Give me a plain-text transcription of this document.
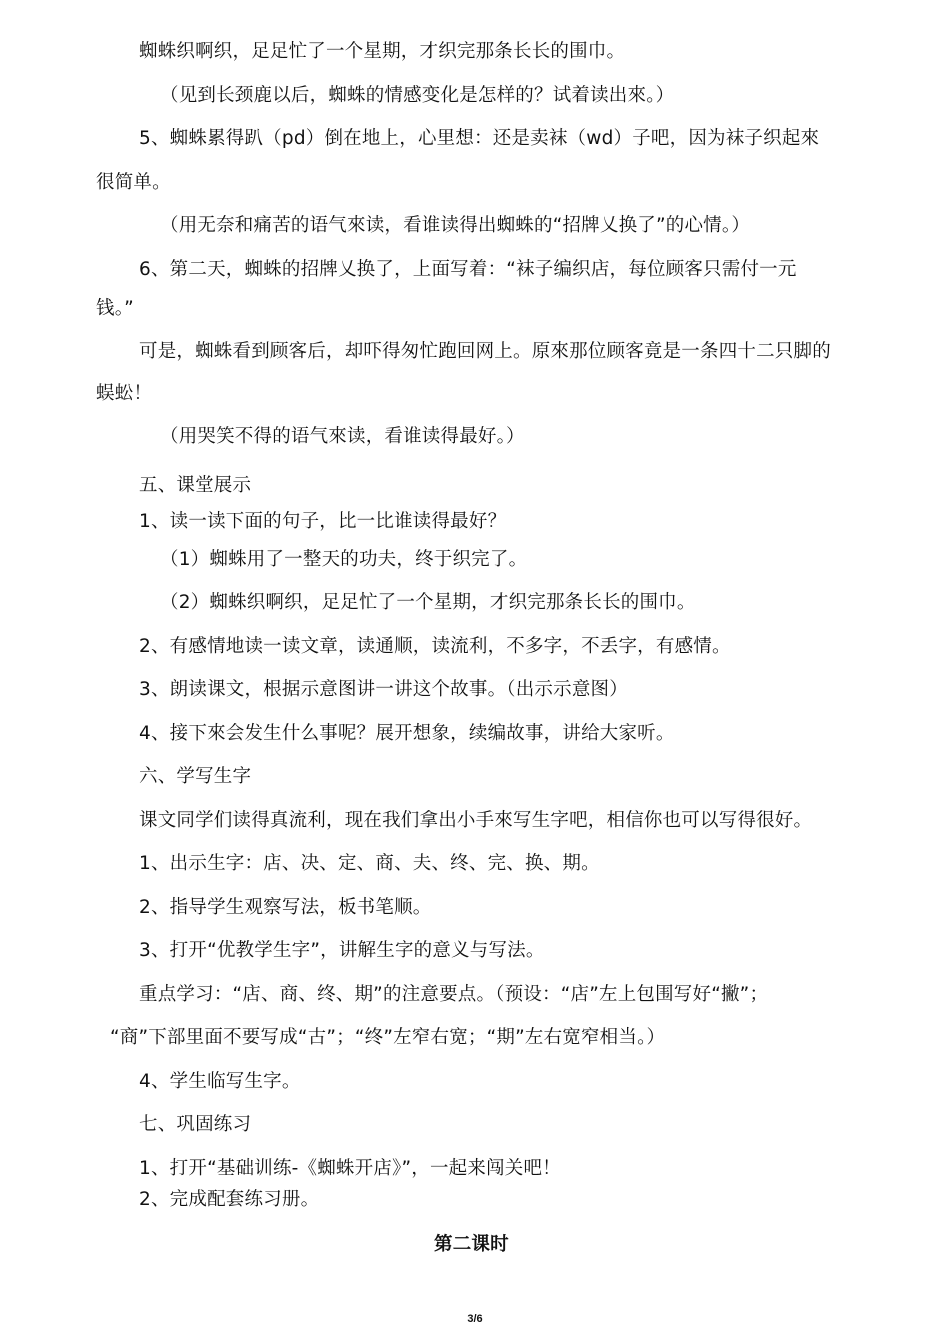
蜘蛛织啊织，足足忙了一个星期，才织完那条长长的围巾。
（见到长颈鹿以后，蜘蛛的情感变化是怎样的？试着读出來。）
5、蜘蛛累得趴（pd）倒在地上，心里想：还是卖袜（wd）子吧，因为袜子织起來
很简单。
（用无奈和痛苦的语气來读，看谁读得出蜘蛛的“招牌乂换了”的心情。）
6、第二天，蜘蛛的招牌乂换了，上面写着：“袜子编织店，每位顾客只需付一元
钱。”
可是，蜘蛛看到顾客后，却吓得匆忙跑回网上。原來那位顾客竟是一条四十二只脚的
蜈蚣！
（用哭笑不得的语气來读，看谁读得最好。）
五、课堂展示
1、读一读下面的句子，比一比谁读得最好？
（1）蜘蛛用了一整天的功夫，终于织完了。
（2）蜘蛛织啊织，足足忙了一个星期，才织完那条长长的围巾。
2、有感情地读一读文章，读通顺，读流利，不多字，不丢字，有感情。
3、朗读课文，根据示意图讲一讲这个故事。（出示示意图）
4、接下來会发生什么事呢？展开想象，续编故事，讲给大家听。
六、学写生字
课文同学们读得真流利，现在我们拿出小手來写生字吧，相信你也可以写得很好。
1、出示生字：店、决、定、商、夫、终、完、换、期。
2、指导学生观察写法，板书笔顺。
3、打开“优教学生字”，讲解生字的意义与写法。
重点学习：“店、商、终、期”的注意要点。（预设：“店”左上包围写好“撇”；
“商”下部里面不要写成“古”；“终”左窄右宽；“期”左右宽窄相当。）
4、学生临写生字。
七、巩固练习
1、打开“基础训练-《蜘蛛开店》”，一起来闯关吧！
2、完成配套练习册。
第二课时
3/6
